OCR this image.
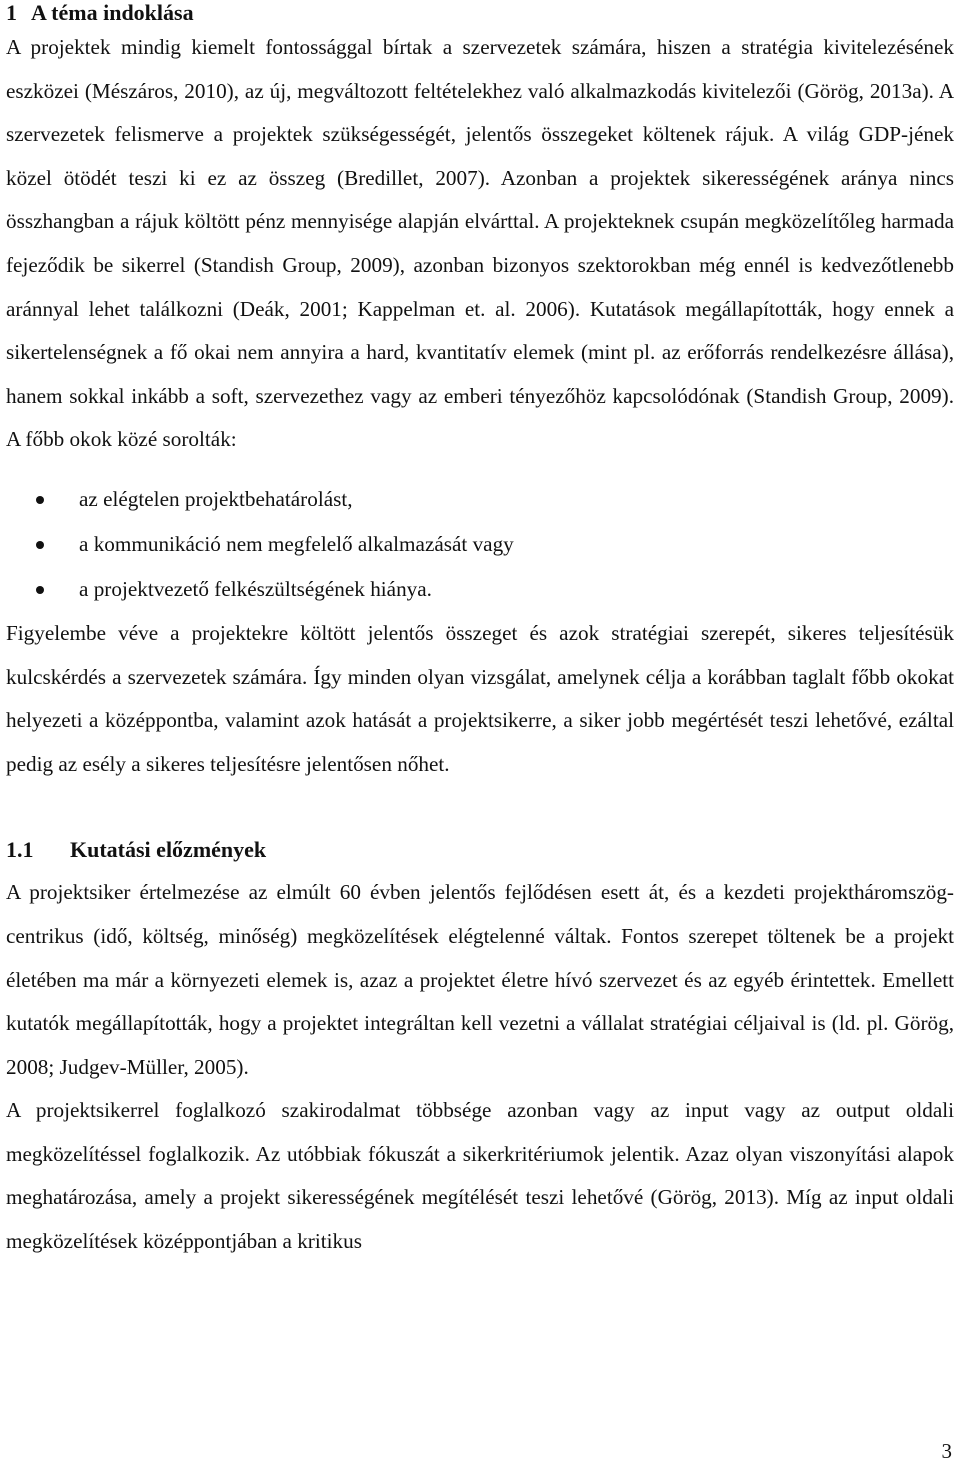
1 A téma indoklása

A projektek mindig kiemelt fontossággal bírtak a szervezetek számára, hiszen a stratégia kivitelezésének eszközei (Mészáros, 2010), az új, megváltozott feltételekhez való alkalmazkodás kivitelezői (Görög, 2013a). A szervezetek felismerve a projektek szükségességét, jelentős összegeket költenek rájuk. A világ GDP-jének közel ötödét teszi ki ez az összeg (Bredillet, 2007). Azonban a projektek sikerességének aránya nincs összhangban a rájuk költött pénz mennyisége alapján elvárttal. A projekteknek csupán megközelítőleg harmada fejeződik be sikerrel (Standish Group, 2009), azonban bizonyos szektorokban még ennél is kedvezőtlenebb aránnyal lehet találkozni (Deák, 2001; Kappelman et. al. 2006). Kutatások megállapították, hogy ennek a sikertelenségnek a fő okai nem annyira a hard, kvantitatív elemek (mint pl. az erőforrás rendelkezésre állása), hanem sokkal inkább a soft, szervezethez vagy az emberi tényezőhöz kapcsolódónak (Standish Group, 2009). A főbb okok közé sorolták:

az elégtelen projektbehatárolást,
a kommunikáció nem megfelelő alkalmazását vagy
a projektvezető felkészültségének hiánya.

Figyelembe véve a projektekre költött jelentős összeget és azok stratégiai szerepét, sikeres teljesítésük kulcskérdés a szervezetek számára. Így minden olyan vizsgálat, amelynek célja a korábban taglalt főbb okokat helyezeti a középpontba, valamint azok hatását a projektsikerre, a siker jobb megértését teszi lehetővé, ezáltal pedig az esély a sikeres teljesítésre jelentősen nőhet.

1.1	Kutatási előzmények

A projektsiker értelmezése az elmúlt 60 évben jelentős fejlődésen esett át, és a kezdeti projektháromszög-centrikus (idő, költség, minőség) megközelítések elégtelenné váltak. Fontos szerepet töltenek be a projekt életében ma már a környezeti elemek is, azaz a projektet életre hívó szervezet és az egyéb érintettek. Emellett kutatók megállapították, hogy a projektet integráltan kell vezetni a vállalat stratégiai céljaival is (ld. pl. Görög, 2008; Judgev-Müller, 2005).

A projektsikerrel foglalkozó szakirodalmat többsége azonban vagy az input vagy az output oldali megközelítéssel foglalkozik. Az utóbbiak fókuszát a sikerkritériumok jelentik. Azaz olyan viszonyítási alapok meghatározása, amely a projekt sikerességének megítélését teszi lehetővé (Görög, 2013). Míg az input oldali megközelítések középpontjában a kritikus

3
